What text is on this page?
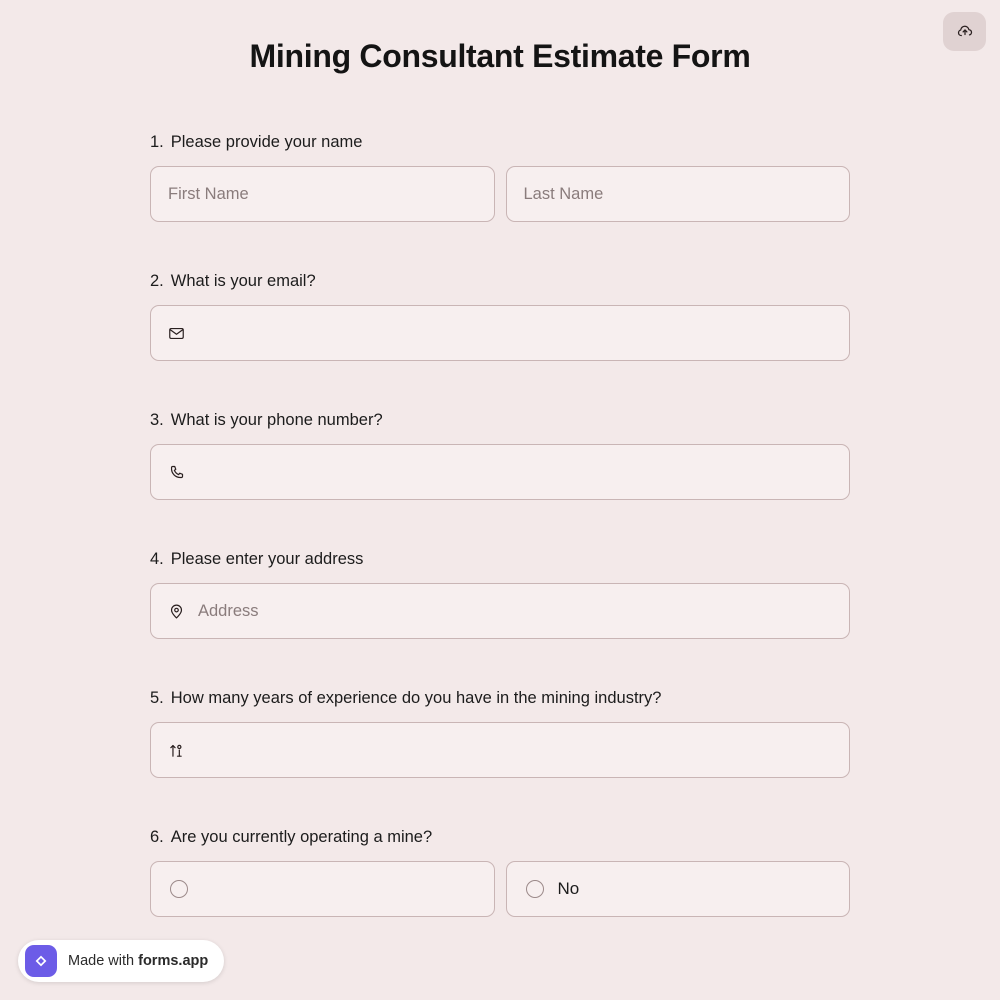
Mining Consultant Estimate Form
1. Please provide your name
First Name	Last Name
2. What is your email?
3. What is your phone number?
4. Please enter your address
Address
5. How many years of experience do you have in the mining industry?
6. Are you currently operating a mine?
No
Made with forms.app
